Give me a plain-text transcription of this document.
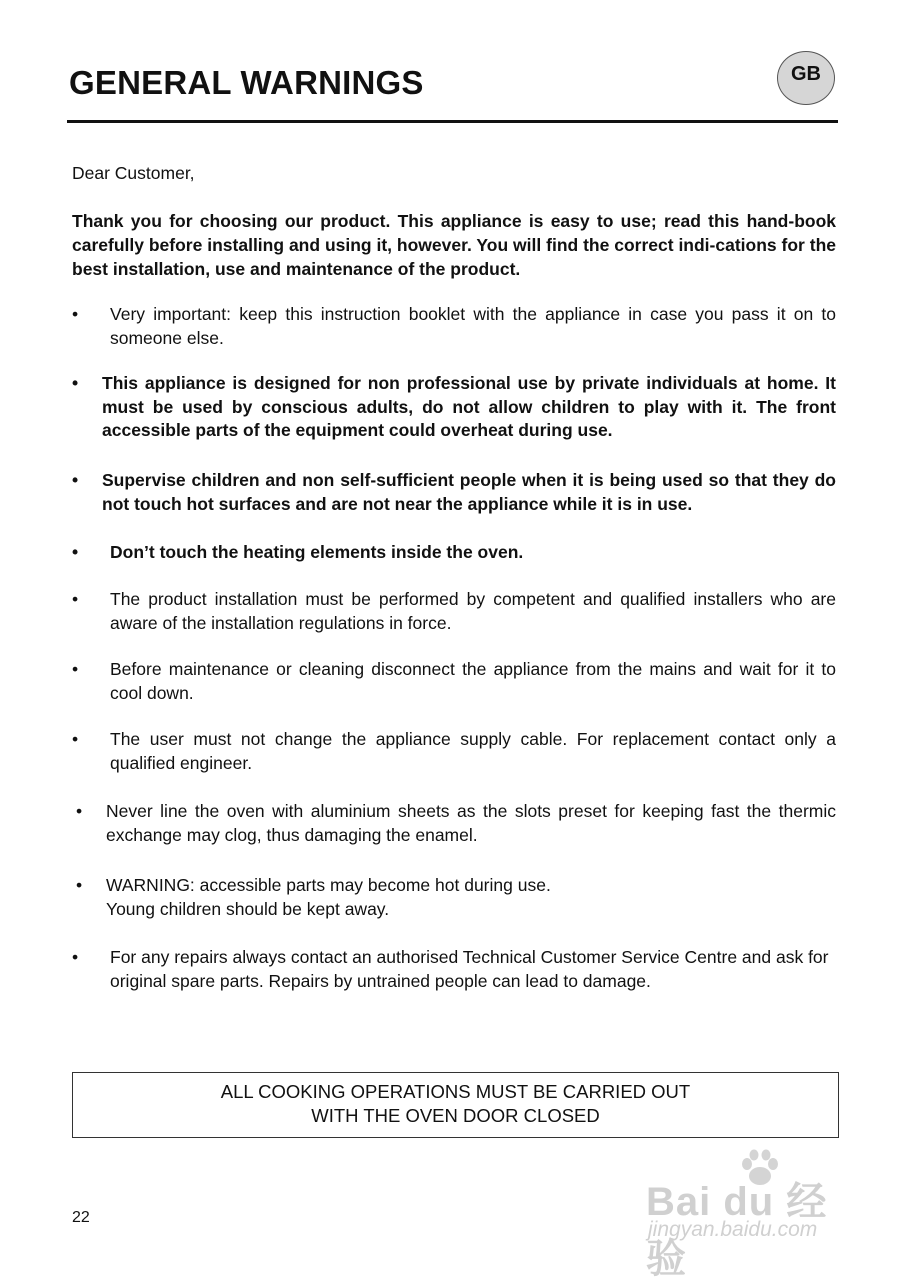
GENERAL WARNINGS	GB
Dear Customer,

Thank you for choosing our product. This appliance is easy to use; read this hand-book carefully before installing and using it, however. You will find the correct indi-cations for the best installation, use and maintenance of the product.

• Very important: keep this instruction booklet with the appliance in case you pass it on to someone else.
• This appliance is designed for non professional use by private individuals at home. It must be used by conscious adults, do not allow children to play with it. The front accessible parts of the equipment could overheat during use.
• Supervise children and non self-sufficient people when it is being used so that they do not touch hot surfaces and are not near the appliance while it is in use.
• Don’t touch the heating elements inside the oven.
• The product installation must be performed by competent and qualified installers who are aware of the installation regulations in force.
• Before maintenance or cleaning disconnect the appliance from the mains and wait for it to cool down.
• The user must not change the appliance supply cable. For replacement contact only a qualified engineer.
• Never line the oven with aluminium sheets as the slots preset for keeping fast the thermic exchange may clog, thus damaging the enamel.
• WARNING: accessible parts may become hot during use.
Young children should be kept away.
• For any repairs always contact an authorised Technical Customer Service Centre and ask for original spare parts. Repairs by untrained people can lead to damage.
ALL COOKING OPERATIONS MUST BE CARRIED OUT
WITH THE OVEN DOOR CLOSED
22	Bai du 经验
jingyan.baidu.com
